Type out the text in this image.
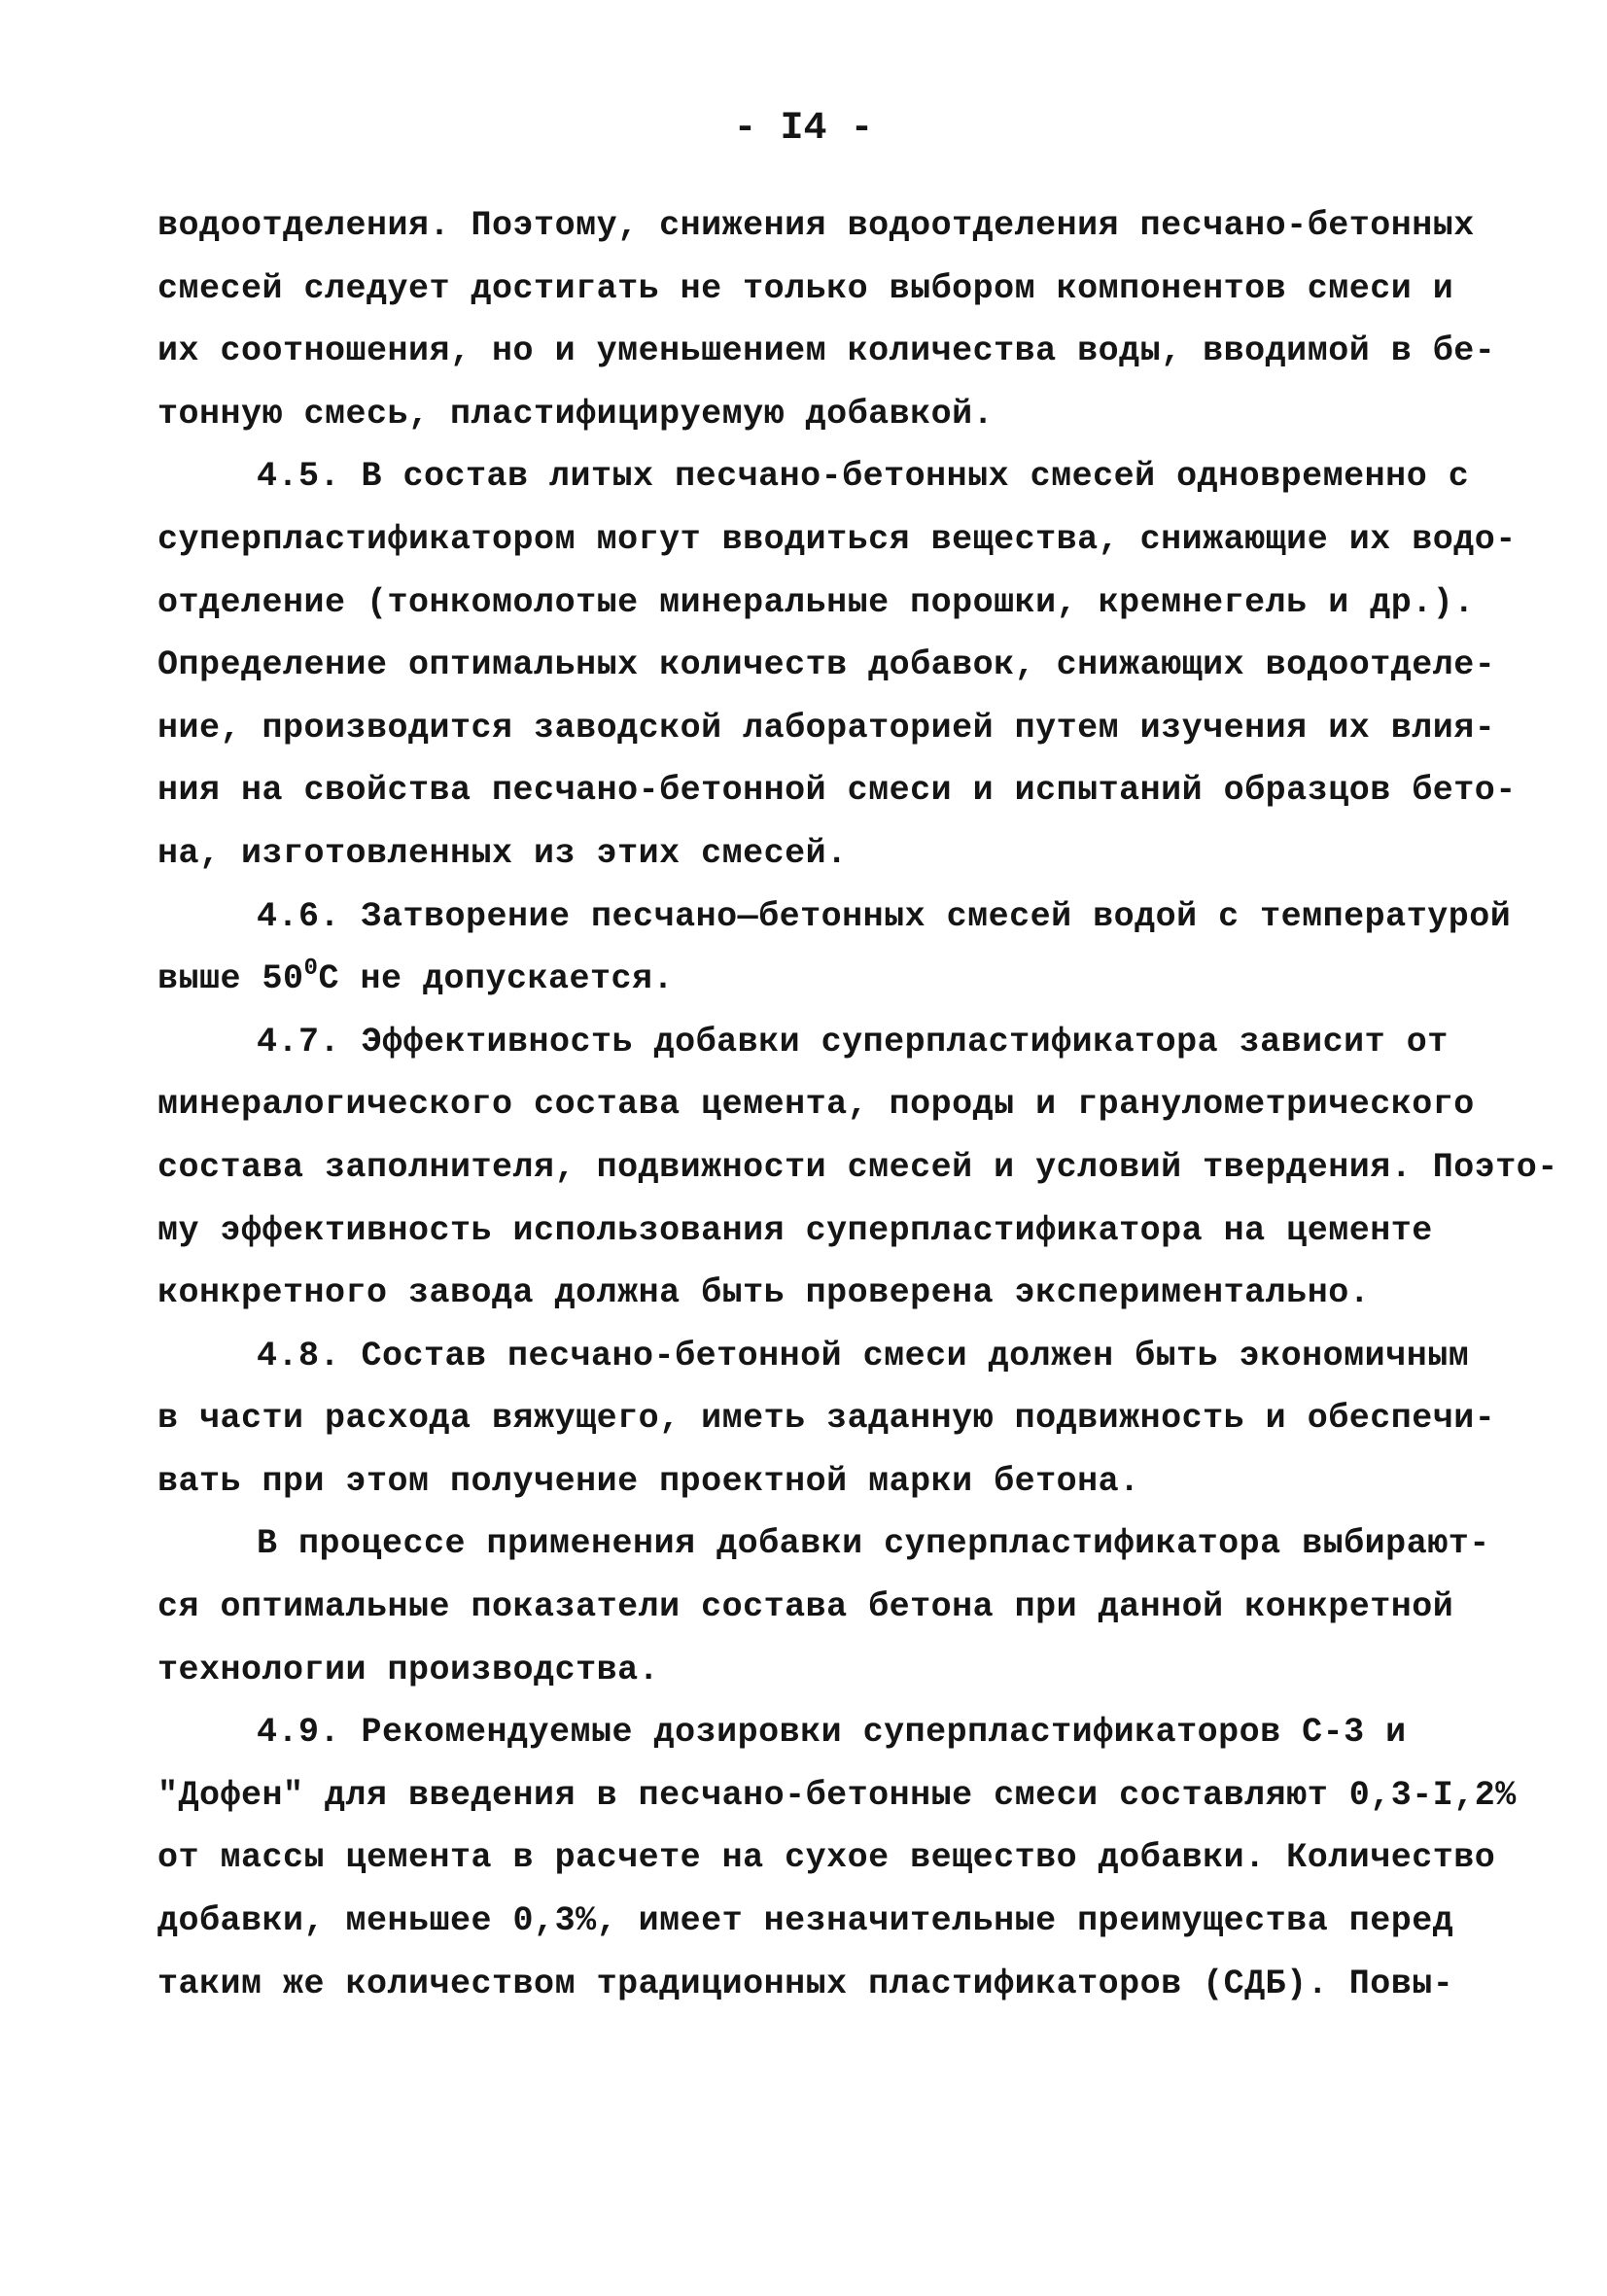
- I4 -
водоотделения. Поэтому, снижения водоотделения песчано-бетонных
смесей следует достигать не только выбором компонентов смеси и
их соотношения, но и уменьшением количества воды, вводимой в бе-
тонную смесь, пластифицируемую добавкой.
4.5. В состав литых песчано-бетонных смесей одновременно с
суперпластификатором могут вводиться вещества, снижающие их водо-
отделение (тонкомолотые минеральные порошки, кремнегель и др.).
Определение оптимальных количеств добавок, снижающих водоотделе-
ние, производится заводской лабораторией путем изучения их влия-
ния на свойства песчано-бетонной смеси и испытаний образцов бето-
на, изготовленных из этих смесей.
4.6. Затворение песчано—бетонных смесей водой с температурой
выше $50^0С$ не допускается.
4.7. Эффективность добавки суперпластификатора зависит от
минералогического состава цемента, породы и гранулометрического
состава заполнителя, подвижности смесей и условий твердения. Поэто-
му эффективность использования суперпластификатора на цементе
конкретного завода должна быть проверена экспериментально.
4.8. Состав песчано-бетонной смеси должен быть экономичным
в части расхода вяжущего, иметь заданную подвижность и обеспечи-
вать при этом получение проектной марки бетона.
В процессе применения добавки суперпластификатора выбирают-
ся оптимальные показатели состава бетона при данной конкретной
технологии производства.
4.9. Рекомендуемые дозировки суперпластификаторов С-3 и
"Дофен" для введения в песчано-бетонные смеси составляют 0,3-I,2%
от массы цемента в расчете на сухое вещество добавки. Количество
добавки, меньшее 0,3%, имеет незначительные преимущества перед
таким же количеством традиционных пластификаторов (СДБ). Повы-
